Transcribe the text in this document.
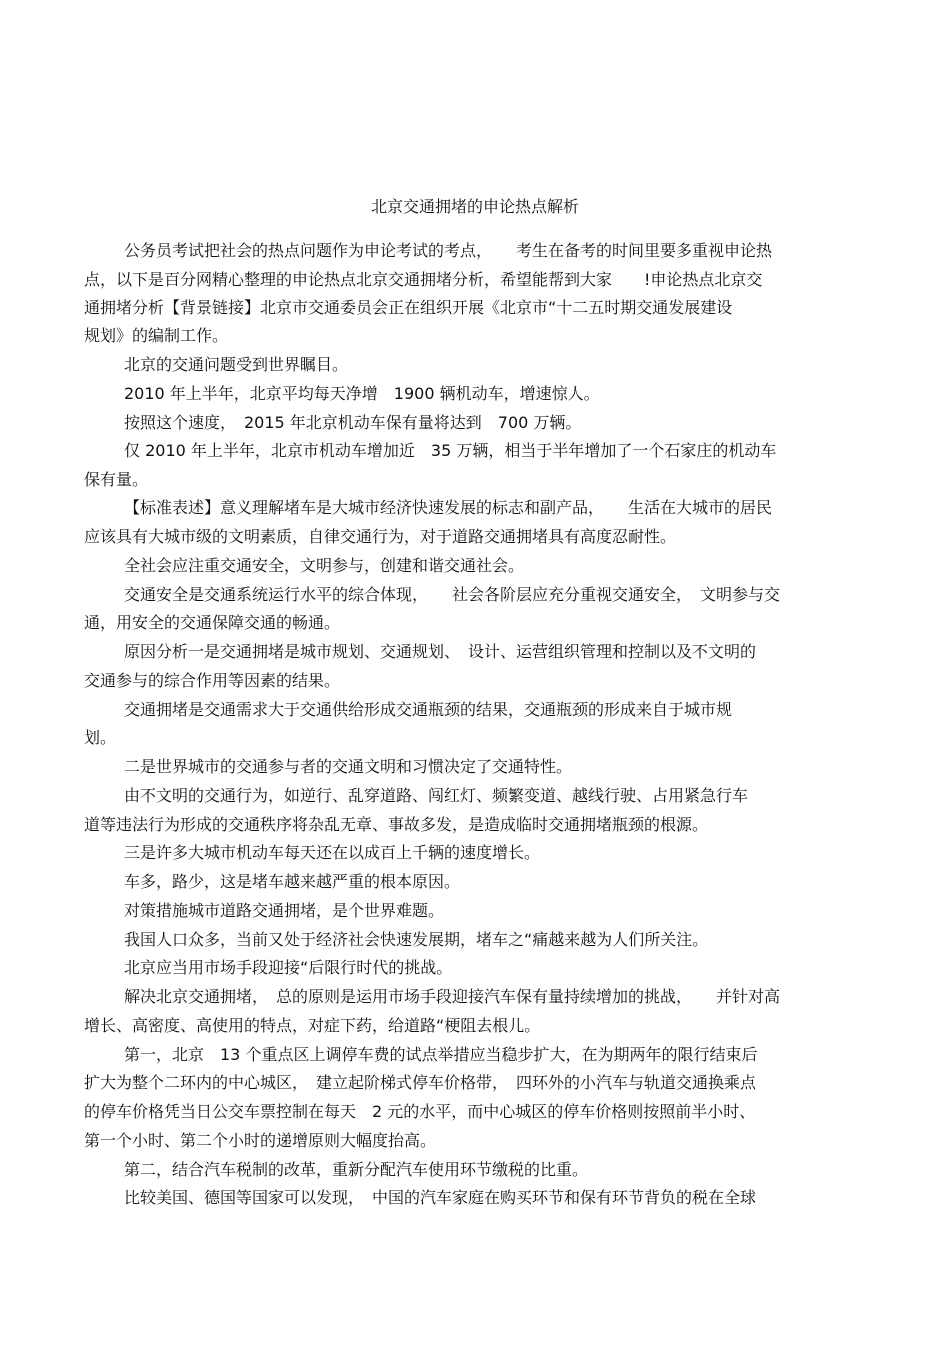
北京交通拥堵的申论热点解析
公务员考试把社会的热点问题作为申论考试的考点，　　考生在备考的时间里要多重视申论热
点，以下是百分网精心整理的申论热点北京交通拥堵分析，希望能帮到大家　　!申论热点北京交
通拥堵分析【背景链接】北京市交通委员会正在组织开展《北京市“十二五时期交通发展建设
规划》的编制工作。
北京的交通问题受到世界瞩目。
2010 年上半年，北京平均每天净增　1900 辆机动车，增速惊人。
按照这个速度，　2015 年北京机动车保有量将达到　700 万辆。
仅 2010 年上半年，北京市机动车增加近　35 万辆，相当于半年增加了一个石家庄的机动车
保有量。
【标准表述】意义理解堵车是大城市经济快速发展的标志和副产品，　　生活在大城市的居民
应该具有大城市级的文明素质，自律交通行为，对于道路交通拥堵具有高度忍耐性。
全社会应注重交通安全，文明参与，创建和谐交通社会。
交通安全是交通系统运行水平的综合体现，　　社会各阶层应充分重视交通安全，　文明参与交
通，用安全的交通保障交通的畅通。
原因分析一是交通拥堵是城市规划、交通规划、　设计、运营组织管理和控制以及不文明的
交通参与的综合作用等因素的结果。
交通拥堵是交通需求大于交通供给形成交通瓶颈的结果，交通瓶颈的形成来自于城市规
划。
二是世界城市的交通参与者的交通文明和习惯决定了交通特性。
由不文明的交通行为，如逆行、乱穿道路、闯红灯、频繁变道、越线行驶、占用紧急行车
道等违法行为形成的交通秩序将杂乱无章、事故多发，是造成临时交通拥堵瓶颈的根源。
三是许多大城市机动车每天还在以成百上千辆的速度增长。
车多，路少，这是堵车越来越严重的根本原因。
对策措施城市道路交通拥堵，是个世界难题。
我国人口众多，当前又处于经济社会快速发展期，堵车之“痛越来越为人们所关注。
北京应当用市场手段迎接“后限行时代的挑战。
解决北京交通拥堵，　总的原则是运用市场手段迎接汽车保有量持续增加的挑战，　　并针对高
增长、高密度、高使用的特点，对症下药，给道路“梗阻去根儿。
第一，北京　13 个重点区上调停车费的试点举措应当稳步扩大，在为期两年的限行结束后
扩大为整个二环内的中心城区，　建立起阶梯式停车价格带，　四环外的小汽车与轨道交通换乘点
的停车价格凭当日公交车票控制在每天　2 元的水平，而中心城区的停车价格则按照前半小时、
第一个小时、第二个小时的递增原则大幅度抬高。
第二，结合汽车税制的改革，重新分配汽车使用环节缴税的比重。
比较美国、德国等国家可以发现，　中国的汽车家庭在购买环节和保有环节背负的税在全球
